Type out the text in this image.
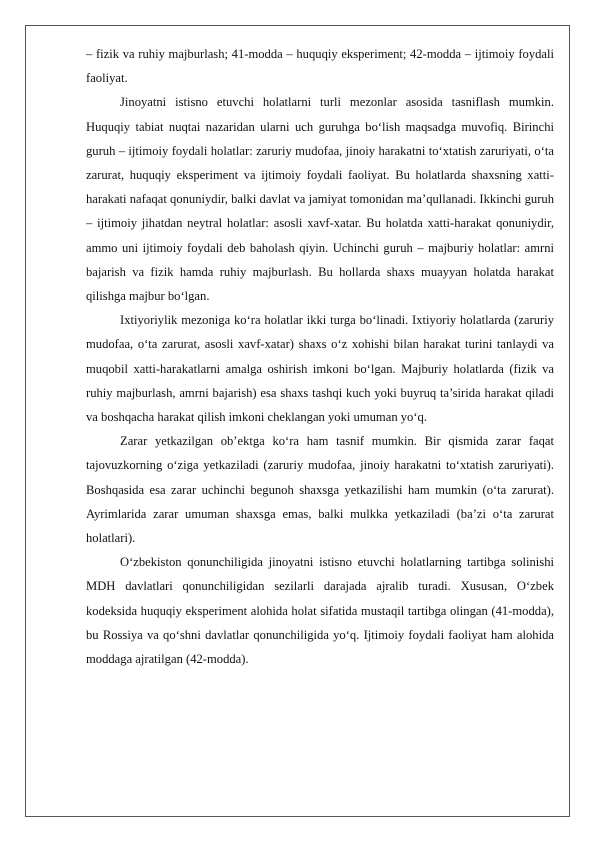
– fizik va ruhiy majburlash; 41-modda – huquqiy eksperiment; 42-modda – ijtimoiy foydali faoliyat.

Jinoyatni istisno etuvchi holatlarni turli mezonlar asosida tasniflash mumkin. Huquqiy tabiat nuqtai nazaridan ularni uch guruhga bo‘lish maqsadga muvofiq. Birinchi guruh – ijtimoiy foydali holatlar: zaruriy mudofaa, jinoiy harakatni to‘xtatish zaruriyati, o‘ta zarurat, huquqiy eksperiment va ijtimoiy foydali faoliyat. Bu holatlarda shaxsning xatti-harakati nafaqat qonuniydir, balki davlat va jamiyat tomonidan ma’qullanadi. Ikkinchi guruh – ijtimoiy jihatdan neytral holatlar: asosli xavf-xatar. Bu holatda xatti-harakat qonuniydir, ammo uni ijtimoiy foydali deb baholash qiyin. Uchinchi guruh – majburiy holatlar: amrni bajarish va fizik hamda ruhiy majburlash. Bu hollarda shaxs muayyan holatda harakat qilishga majbur bo‘lgan.

Ixtiyoriylik mezoniga ko‘ra holatlar ikki turga bo‘linadi. Ixtiyoriy holatlarda (zaruriy mudofaa, o‘ta zarurat, asosli xavf-xatar) shaxs o‘z xohishi bilan harakat turini tanlaydi va muqobil xatti-harakatlarni amalga oshirish imkoni bo‘lgan. Majburiy holatlarda (fizik va ruhiy majburlash, amrni bajarish) esa shaxs tashqi kuch yoki buyruq ta’sirida harakat qiladi va boshqacha harakat qilish imkoni cheklangan yoki umuman yo‘q.

Zarar yetkazilgan ob’ektga ko‘ra ham tasnif mumkin. Bir qismida zarar faqat tajovuzkorning o‘ziga yetkaziladi (zaruriy mudofaa, jinoiy harakatni to‘xtatish zaruriyati). Boshqasida esa zarar uchinchi begunoh shaxsga yetkazilishi ham mumkin (o‘ta zarurat). Ayrimlarida zarar umuman shaxsga emas, balki mulkka yetkaziladi (ba’zi o‘ta zarurat holatlari).

O‘zbekiston qonunchiligida jinoyatni istisno etuvchi holatlarning tartibga solinishi MDH davlatlari qonunchiligidan sezilarli darajada ajralib turadi. Xususan, O‘zbek kodeksida huquqiy eksperiment alohida holat sifatida mustaqil tartibga olingan (41-modda), bu Rossiya va qo‘shni davlatlar qonunchiligida yo‘q. Ijtimoiy foydali faoliyat ham alohida moddaga ajratilgan (42-modda).
